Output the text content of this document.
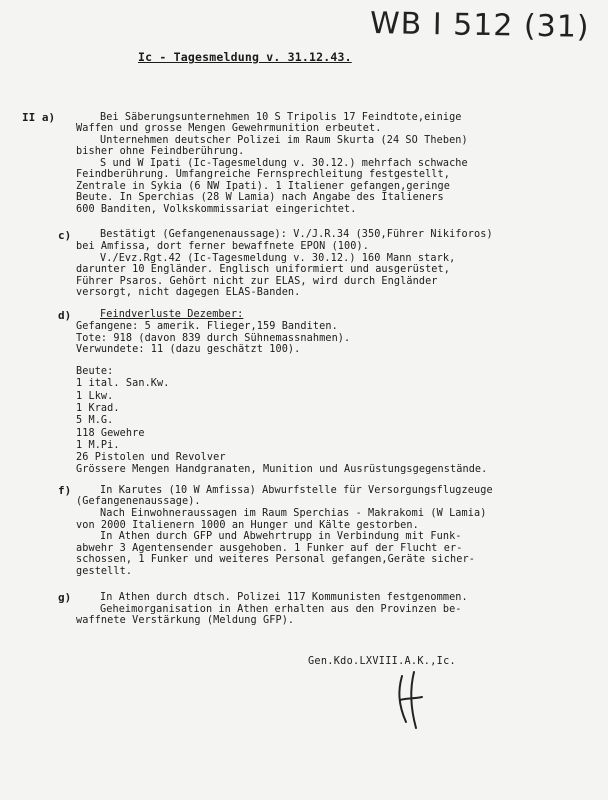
WB I 512 (31)
Ic - Tagesmeldung v. 31.12.43.
II a)	Bei Säberungsunternehmen 10 S Tripolis 17 Feindtote,einige
Waffen und grosse Mengen Gewehrmunition erbeutet.
Unternehmen deutscher Polizei im Raum Skurta (24 SO Theben)
bisher ohne Feindberührung.
S und W Ipati (Ic-Tagesmeldung v. 30.12.) mehrfach schwache
Feindberührung. Umfangreiche Fernsprechleitung festgestellt,
Zentrale in Sykia (6 NW Ipati). 1 Italiener gefangen,geringe
Beute. In Sperchias (28 W Lamia) nach Angabe des Italieners
600 Banditen, Volkskommissariat eingerichtet.
c)	Bestätigt (Gefangenenaussage): V./J.R.34 (350,Führer Nikiforos)
bei Amfissa, dort ferner bewaffnete EPON (100).
V./Evz.Rgt.42 (Ic-Tagesmeldung v. 30.12.) 160 Mann stark,
darunter 10 Engländer. Englisch uniformiert und ausgerüstet,
Führer Psaros. Gehört nicht zur ELAS, wird durch Engländer
versorgt, nicht dagegen ELAS-Banden.
d)	Feindverluste Dezember:
Gefangene: 5 amerik. Flieger,159 Banditen.
Tote: 918 (davon 839 durch Sühnemassnahmen).
Verwundete: 11 (dazu geschätzt 100).
Beute:
1 ital. San.Kw.
1 Lkw.
1 Krad.
5 M.G.
118 Gewehre
1 M.Pi.
26 Pistolen und Revolver
Grössere Mengen Handgranaten, Munition und Ausrüstungsgegenstände.
f)	In Karutes (10 W Amfissa) Abwurfstelle für Versorgungsflugzeuge
(Gefangenenaussage).
Nach Einwohneraussagen im Raum Sperchias - Makrakomi (W Lamia)
von 2000 Italienern 1000 an Hunger und Kälte gestorben.
In Athen durch GFP und Abwehrtrupp in Verbindung mit Funk-
abwehr 3 Agentensender ausgehoben. 1 Funker auf der Flucht er-
schossen, 1 Funker und weiteres Personal gefangen,Geräte sicher-
gestellt.
g)	In Athen durch dtsch. Polizei 117 Kommunisten festgenommen.
Geheimorganisation in Athen erhalten aus den Provinzen be-
waffnete Verstärkung (Meldung GFP).
Gen.Kdo.LXVIII.A.K.,Ic.
